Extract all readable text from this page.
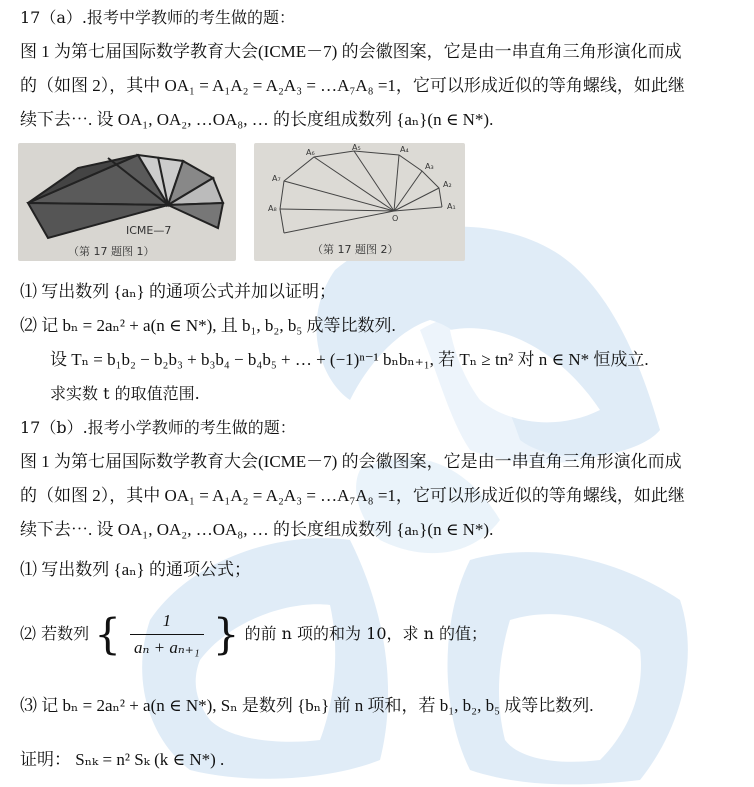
17（a）.报考中学教师的考生做的题：
图 1 为第七届国际数学教育大会(ICME－7) 的会徽图案，它是由一串直角三角形演化而成
的（如图 2），其中 OA₁ = A₁A₂ = A₂A₃ = …A₇A₈ =1，它可以形成近似的等角螺线，如此继
续下去⋯. 设 OA₁, OA₂, …OA₈, … 的长度组成数列 {aₙ}(n ∈ N*).
ICME—7
（第 17 题图 1）
A₁
A₂
A₃
A₄
A₅
A₆
A₇
A₈
O
（第 17 题图 2）
⑴ 写出数列 {aₙ} 的通项公式并加以证明；
⑵ 记 bₙ = 2aₙ² + a(n ∈ N*), 且 b₁, b₂, b₅ 成等比数列.
设 Tₙ = b₁b₂ − b₂b₃ + b₃b₄ − b₄b₅ + … + (−1)ⁿ⁻¹ bₙbₙ₊₁, 若 Tₙ ≥ tn² 对 n ∈ N* 恒成立.
求实数 t 的取值范围.
17（b）.报考小学教师的考生做的题：
图 1 为第七届国际数学教育大会(ICME－7) 的会徽图案，它是由一串直角三角形演化而成
的（如图 2），其中 OA₁ = A₁A₂ = A₂A₃ = …A₇A₈ =1，它可以形成近似的等角螺线，如此继
续下去⋯. 设 OA₁, OA₂, …OA₈, … 的长度组成数列 {aₙ}(n ∈ N*).
⑴ 写出数列 {aₙ} 的通项公式；
⑵ 若数列 { $\frac{1}{\text{aₙ + aₙ₊₁}}$ } 的前 n 项的和为 10，求 n 的值；
⑶ 记 bₙ = 2aₙ² + a(n ∈ N*), Sₙ 是数列 {bₙ} 前 n 项和，若 b₁, b₂, b₅ 成等比数列.
证明： Sₙₖ = n² Sₖ (k ∈ N*) .
